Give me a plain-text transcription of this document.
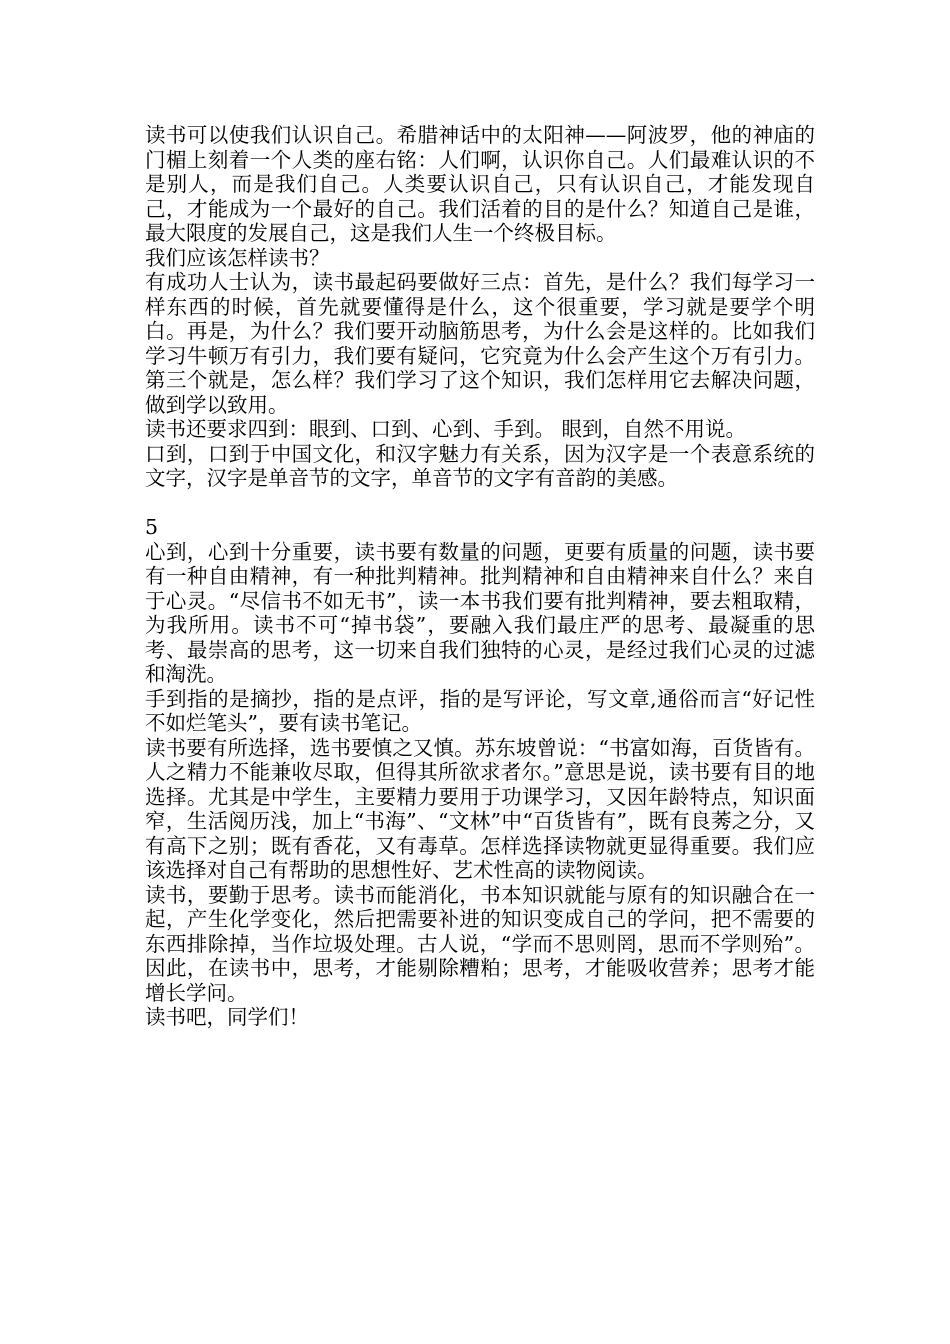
读书可以使我们认识自己。希腊神话中的太阳神——阿波罗，他的神庙的门楣上刻着一个人类的座右铭：人们啊，认识你自己。人们最难认识的不是别人，而是我们自己。人类要认识自己，只有认识自己，才能发现自己，才能成为一个最好的自己。我们活着的目的是什么？知道自己是谁，最大限度的发展自己，这是我们人生一个终极目标。

我们应该怎样读书？

有成功人士认为，读书最起码要做好三点：首先，是什么？我们每学习一样东西的时候，首先就要懂得是什么，这个很重要，学习就是要学个明白。再是，为什么？我们要开动脑筋思考，为什么会是这样的。比如我们学习牛顿万有引力，我们要有疑问，它究竟为什么会产生这个万有引力。第三个就是，怎么样？我们学习了这个知识，我们怎样用它去解决问题，做到学以致用。

读书还要求四到：眼到、口到、心到、手到。 眼到，自然不用说。

口到，口到于中国文化，和汉字魅力有关系，因为汉字是一个表意系统的文字，汉字是单音节的文字，单音节的文字有音韵的美感。

5

心到，心到十分重要，读书要有数量的问题，更要有质量的问题，读书要有一种自由精神，有一种批判精神。批判精神和自由精神来自什么？来自于心灵。“尽信书不如无书”，读一本书我们要有批判精神，要去粗取精，为我所用。读书不可“掉书袋”，要融入我们最庄严的思考、最凝重的思考、最崇高的思考，这一切来自我们独特的心灵，是经过我们心灵的过滤和淘洗。

手到指的是摘抄，指的是点评，指的是写评论，写文章,通俗而言“好记性不如烂笔头”，要有读书笔记。

读书要有所选择，选书要慎之又慎。苏东坡曾说：“书富如海，百货皆有。人之精力不能兼收尽取，但得其所欲求者尔。”意思是说，读书要有目的地选择。尤其是中学生，主要精力要用于功课学习，又因年龄特点，知识面窄，生活阅历浅，加上“书海”、“文林”中“百货皆有”，既有良莠之分，又有高下之别；既有香花，又有毒草。怎样选择读物就更显得重要。我们应该选择对自己有帮助的思想性好、艺术性高的读物阅读。

读书，要勤于思考。读书而能消化，书本知识就能与原有的知识融合在一起，产生化学变化，然后把需要补进的知识变成自己的学问，把不需要的东西排除掉，当作垃圾处理。古人说，“学而不思则罔，思而不学则殆”。 因此，在读书中，思考，才能剔除糟粕；思考，才能吸收营养；思考才能增长学问。

读书吧，同学们！
